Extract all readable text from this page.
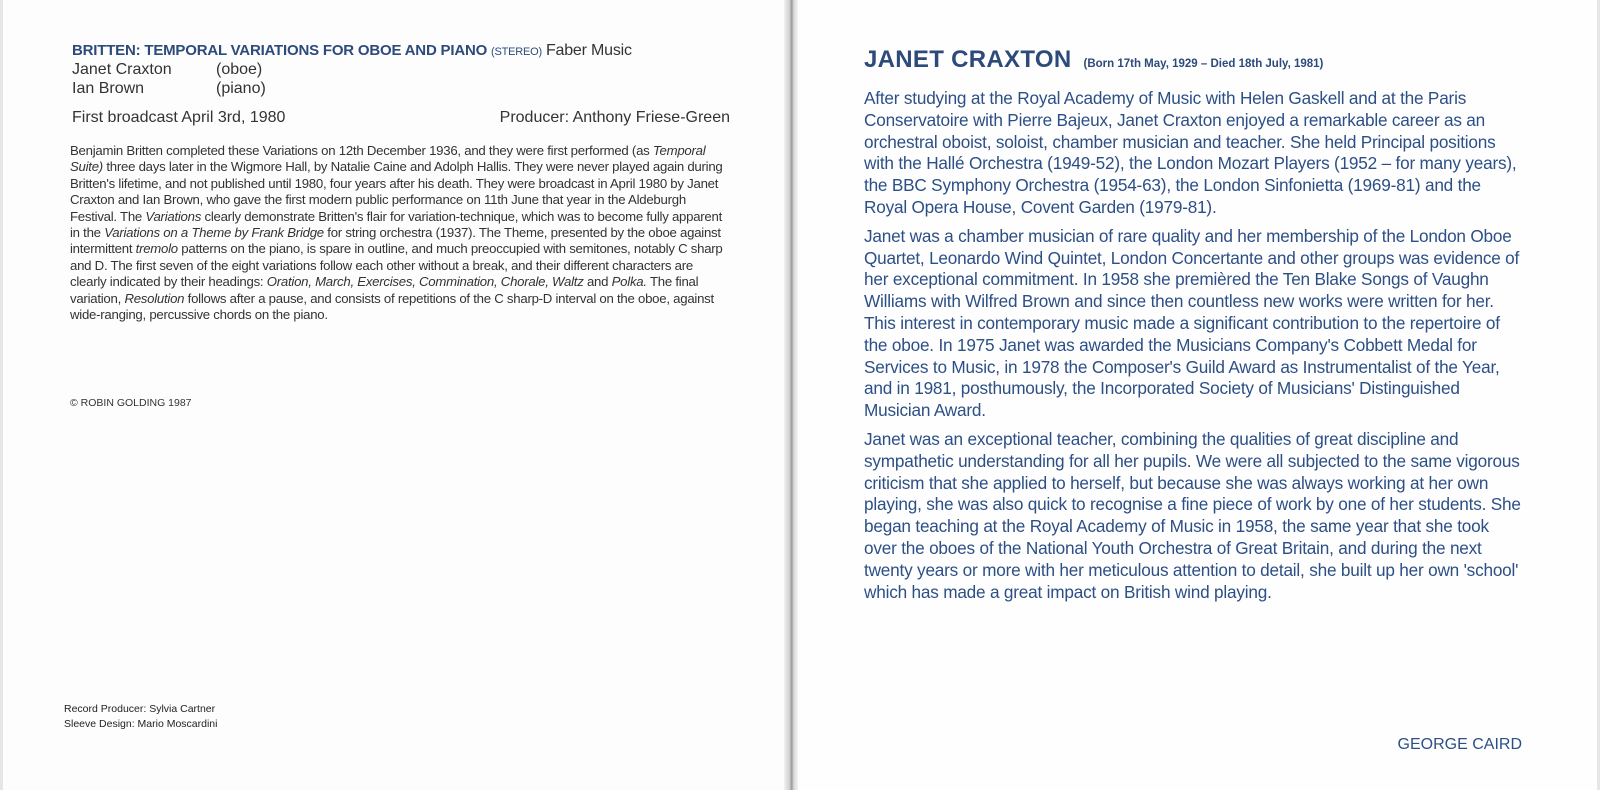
BRITTEN: TEMPORAL VARIATIONS FOR OBOE AND PIANO (STEREO) Faber Music
Janet Craxton	(oboe)
Ian Brown	(piano)
First broadcast April 3rd, 1980	Producer: Anthony Friese-Green

Benjamin Britten completed these Variations on 12th December 1936, and they were first performed (as Temporal Suite) three days later in the Wigmore Hall, by Natalie Caine and Adolph Hallis. They were never played again during Britten's lifetime, and not published until 1980, four years after his death. They were broadcast in April 1980 by Janet Craxton and Ian Brown, who gave the first modern public performance on 11th June that year in the Aldeburgh Festival. The Variations clearly demonstrate Britten's flair for variation-technique, which was to become fully apparent in the Variations on a Theme by Frank Bridge for string orchestra (1937). The Theme, presented by the oboe against intermittent tremolo patterns on the piano, is spare in outline, and much preoccupied with semitones, notably C sharp and D. The first seven of the eight variations follow each other without a break, and their different characters are clearly indicated by their headings: Oration, March, Exercises, Commination, Chorale, Waltz and Polka. The final variation, Resolution follows after a pause, and consists of repetitions of the C sharp-D interval on the oboe, against wide-ranging, percussive chords on the piano.

© ROBIN GOLDING 1987
Record Producer: Sylvia Cartner
Sleeve Design: Mario Moscardini
JANET CRAXTON (Born 17th May, 1929 – Died 18th July, 1981)

After studying at the Royal Academy of Music with Helen Gaskell and at the Paris Conservatoire with Pierre Bajeux, Janet Craxton enjoyed a remarkable career as an orchestral oboist, soloist, chamber musician and teacher. She held Principal positions with the Hallé Orchestra (1949-52), the London Mozart Players (1952 – for many years), the BBC Symphony Orchestra (1954-63), the London Sinfonietta (1969-81) and the Royal Opera House, Covent Garden (1979-81).

Janet was a chamber musician of rare quality and her membership of the London Oboe Quartet, Leonardo Wind Quintet, London Concertante and other groups was evidence of her exceptional commitment. In 1958 she premièred the Ten Blake Songs of Vaughn Williams with Wilfred Brown and since then countless new works were written for her. This interest in contemporary music made a significant contribution to the repertoire of the oboe. In 1975 Janet was awarded the Musicians Company's Cobbett Medal for Services to Music, in 1978 the Composer's Guild Award as Instrumentalist of the Year, and in 1981, posthumously, the Incorporated Society of Musicians' Distinguished Musician Award.

Janet was an exceptional teacher, combining the qualities of great discipline and sympathetic understanding for all her pupils. We were all subjected to the same vigorous criticism that she applied to herself, but because she was always working at her own playing, she was also quick to recognise a fine piece of work by one of her students. She began teaching at the Royal Academy of Music in 1958, the same year that she took over the oboes of the National Youth Orchestra of Great Britain, and during the next twenty years or more with her meticulous attention to detail, she built up her own 'school' which has made a great impact on British wind playing.

GEORGE CAIRD
